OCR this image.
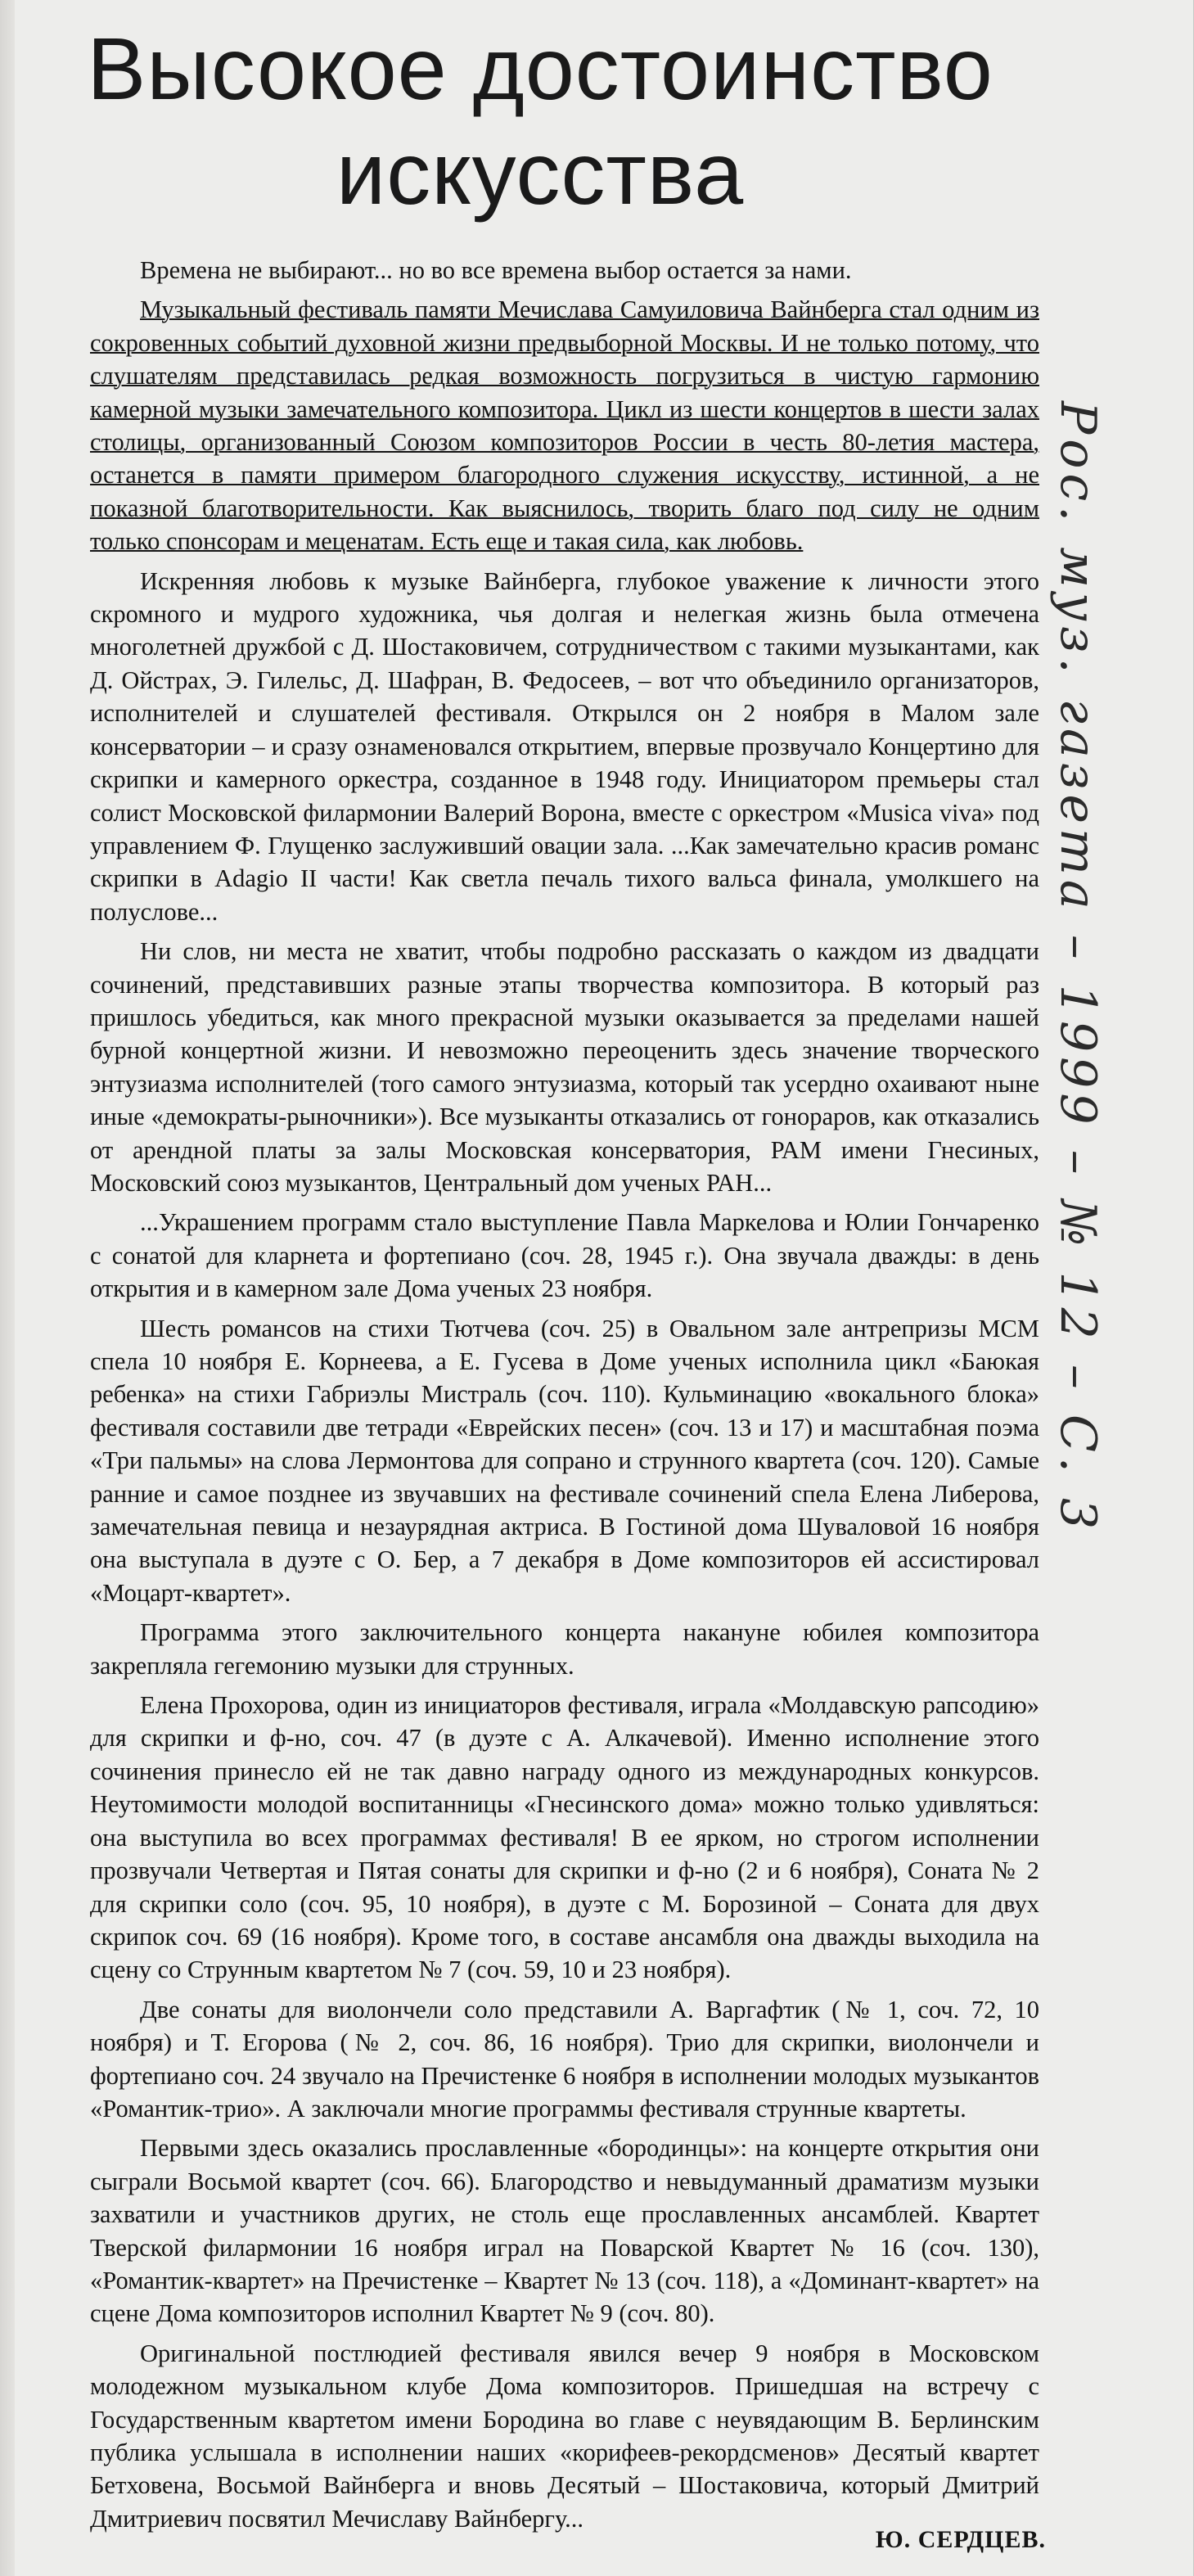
Высокое достоинство
искусства

Времена не выбирают... но во все времена выбор остается за нами.

Музыкальный фестиваль памяти Мечислава Самуиловича Вайнберга стал одним из сокровенных событий духовной жизни предвыборной Москвы. И не только потому, что слушателям представилась редкая возможность погрузиться в чистую гармонию камерной музыки замечательного композитора. Цикл из шести концертов в шести залах столицы, организованный Союзом композиторов России в честь 80-летия мастера, останется в памяти примером благородного служения искусству, истинной, а не показной благотворительности. Как выяснилось, творить благо под силу не одним только спонсорам и меценатам. Есть еще и такая сила, как любовь.

Искренняя любовь к музыке Вайнберга, глубокое уважение к личности этого скромного и мудрого художника, чья долгая и нелегкая жизнь была отмечена многолетней дружбой с Д. Шостаковичем, сотрудничеством с такими музыкантами, как Д. Ойстрах, Э. Гилельс, Д. Шафран, В. Федосеев, – вот что объединило организаторов, исполнителей и слушателей фестиваля. Открылся он 2 ноября в Малом зале консерватории – и сразу ознаменовался открытием, впервые прозвучало Концертино для скрипки и камерного оркестра, созданное в 1948 году. Инициатором премьеры стал солист Московской филармонии Валерий Ворона, вместе с оркестром «Musica viva» под управлением Ф. Глущенко заслуживший овации зала. ...Как замечательно красив романс скрипки в Adagio II части! Как светла печаль тихого вальса финала, умолкшего на полуслове...

Ни слов, ни места не хватит, чтобы подробно рассказать о каждом из двадцати сочинений, представивших разные этапы творчества композитора. В который раз пришлось убедиться, как много прекрасной музыки оказывается за пределами нашей бурной концертной жизни. И невозможно переоценить здесь значение творческого энтузиазма исполнителей (того самого энтузиазма, который так усердно охаивают ныне иные «демократы-рыночники»). Все музыканты отказались от гонораров, как отказались от арендной платы за залы Московская консерватория, РАМ имени Гнесиных, Московский союз музыкантов, Центральный дом ученых РАН...

...Украшением программ стало выступление Павла Маркелова и Юлии Гончаренко с сонатой для кларнета и фортепиано (соч. 28, 1945 г.). Она звучала дважды: в день открытия и в камерном зале Дома ученых 23 ноября.

Шесть романсов на стихи Тютчева (соч. 25) в Овальном зале антрепризы МСМ спела 10 ноября Е. Корнеева, а Е. Гусева в Доме ученых исполнила цикл «Баюкая ребенка» на стихи Габриэлы Мистраль (соч. 110). Кульминацию «вокального блока» фестиваля составили две тетради «Еврейских песен» (соч. 13 и 17) и масштабная поэма «Три пальмы» на слова Лермонтова для сопрано и струнного квартета (соч. 120). Самые ранние и самое позднее из звучавших на фестивале сочинений спела Елена Либерова, замечательная певица и незаурядная актриса. В Гостиной дома Шуваловой 16 ноября она выступала в дуэте с О. Бер, а 7 декабря в Доме композиторов ей ассистировал «Моцарт-квартет».

Программа этого заключительного концерта накануне юбилея композитора закрепляла гегемонию музыки для струнных.

Елена Прохорова, один из инициаторов фестиваля, играла «Молдавскую рапсодию» для скрипки и ф-но, соч. 47 (в дуэте с А. Алкачевой). Именно исполнение этого сочинения принесло ей не так давно награду одного из международных конкурсов. Неутомимости молодой воспитанницы «Гнесинского дома» можно только удивляться: она выступила во всех программах фестиваля! В ее ярком, но строгом исполнении прозвучали Четвертая и Пятая сонаты для скрипки и ф-но (2 и 6 ноября), Соната № 2 для скрипки соло (соч. 95, 10 ноября), в дуэте с М. Борозиной – Соната для двух скрипок соч. 69 (16 ноября). Кроме того, в составе ансамбля она дважды выходила на сцену со Струнным квартетом № 7 (соч. 59, 10 и 23 ноября).

Две сонаты для виолончели соло представили А. Варгафтик (№ 1, соч. 72, 10 ноября) и Т. Егорова (№ 2, соч. 86, 16 ноября). Трио для скрипки, виолончели и фортепиано соч. 24 звучало на Пречистенке 6 ноября в исполнении молодых музыкантов «Романтик-трио». А заключали многие программы фестиваля струнные квартеты.

Первыми здесь оказались прославленные «бородинцы»: на концерте открытия они сыграли Восьмой квартет (соч. 66). Благородство и невыдуманный драматизм музыки захватили и участников других, не столь еще прославленных ансамблей. Квартет Тверской филармонии 16 ноября играл на Поварской Квартет № 16 (соч. 130), «Романтик-квартет» на Пречистенке – Квартет № 13 (соч. 118), а «Доминант-квартет» на сцене Дома композиторов исполнил Квартет № 9 (соч. 80).

Оригинальной постлюдией фестиваля явился вечер 9 ноября в Московском молодежном музыкальном клубе Дома композиторов. Пришедшая на встречу с Государственным квартетом имени Бородина во главе с неувядающим В. Берлинским публика услышала в исполнении наших «корифеев-рекордсменов» Десятый квартет Бетховена, Восьмой Вайнберга и вновь Десятый – Шостаковича, который Дмитрий Дмитриевич посвятил Мечиславу Вайнбергу...

Ю. СЕРДЦЕВ.
Рос. муз. газета – 1999 – № 12 – С. 3
